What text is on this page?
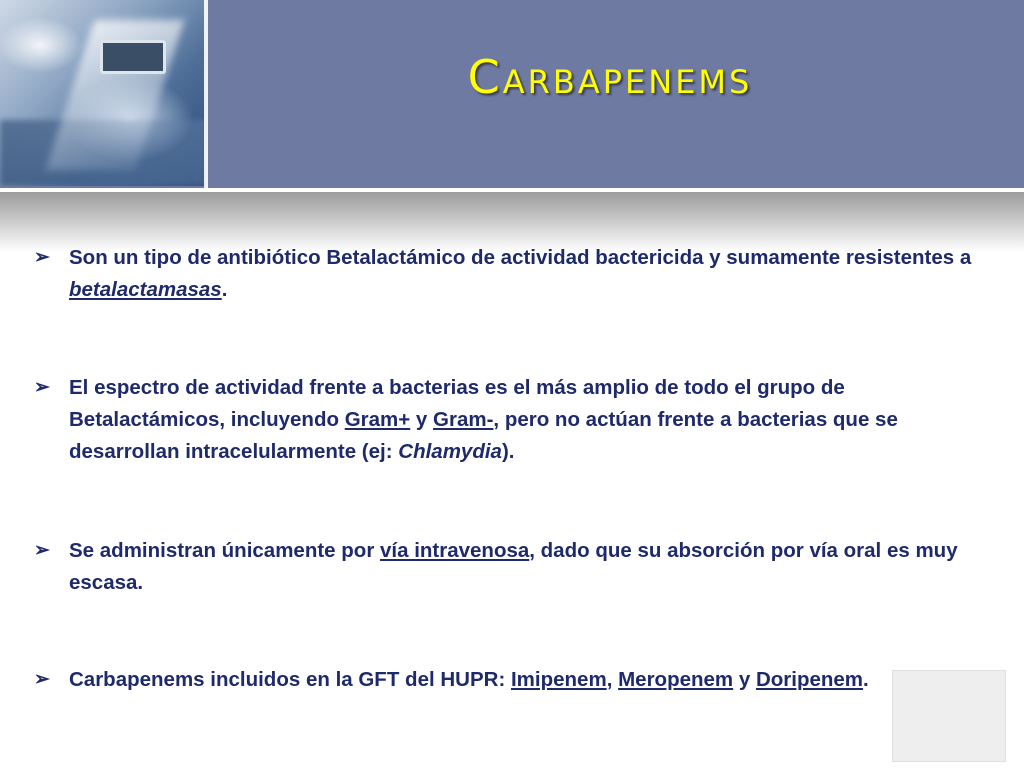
Carbapenems
➢ Son un tipo de antibiótico Betalactámico de actividad bactericida y sumamente resistentes a betalactamasas.
➢ El espectro de actividad frente a bacterias es el más amplio de todo el grupo de Betalactámicos, incluyendo Gram+ y Gram-, pero no actúan frente a bacterias que se desarrollan intracelularmente (ej: Chlamydia).
➢ Se administran únicamente por vía intravenosa, dado que su absorción por vía oral es muy escasa.
➢ Carbapenems incluidos en la GFT del HUPR: Imipenem, Meropenem y Doripenem.
